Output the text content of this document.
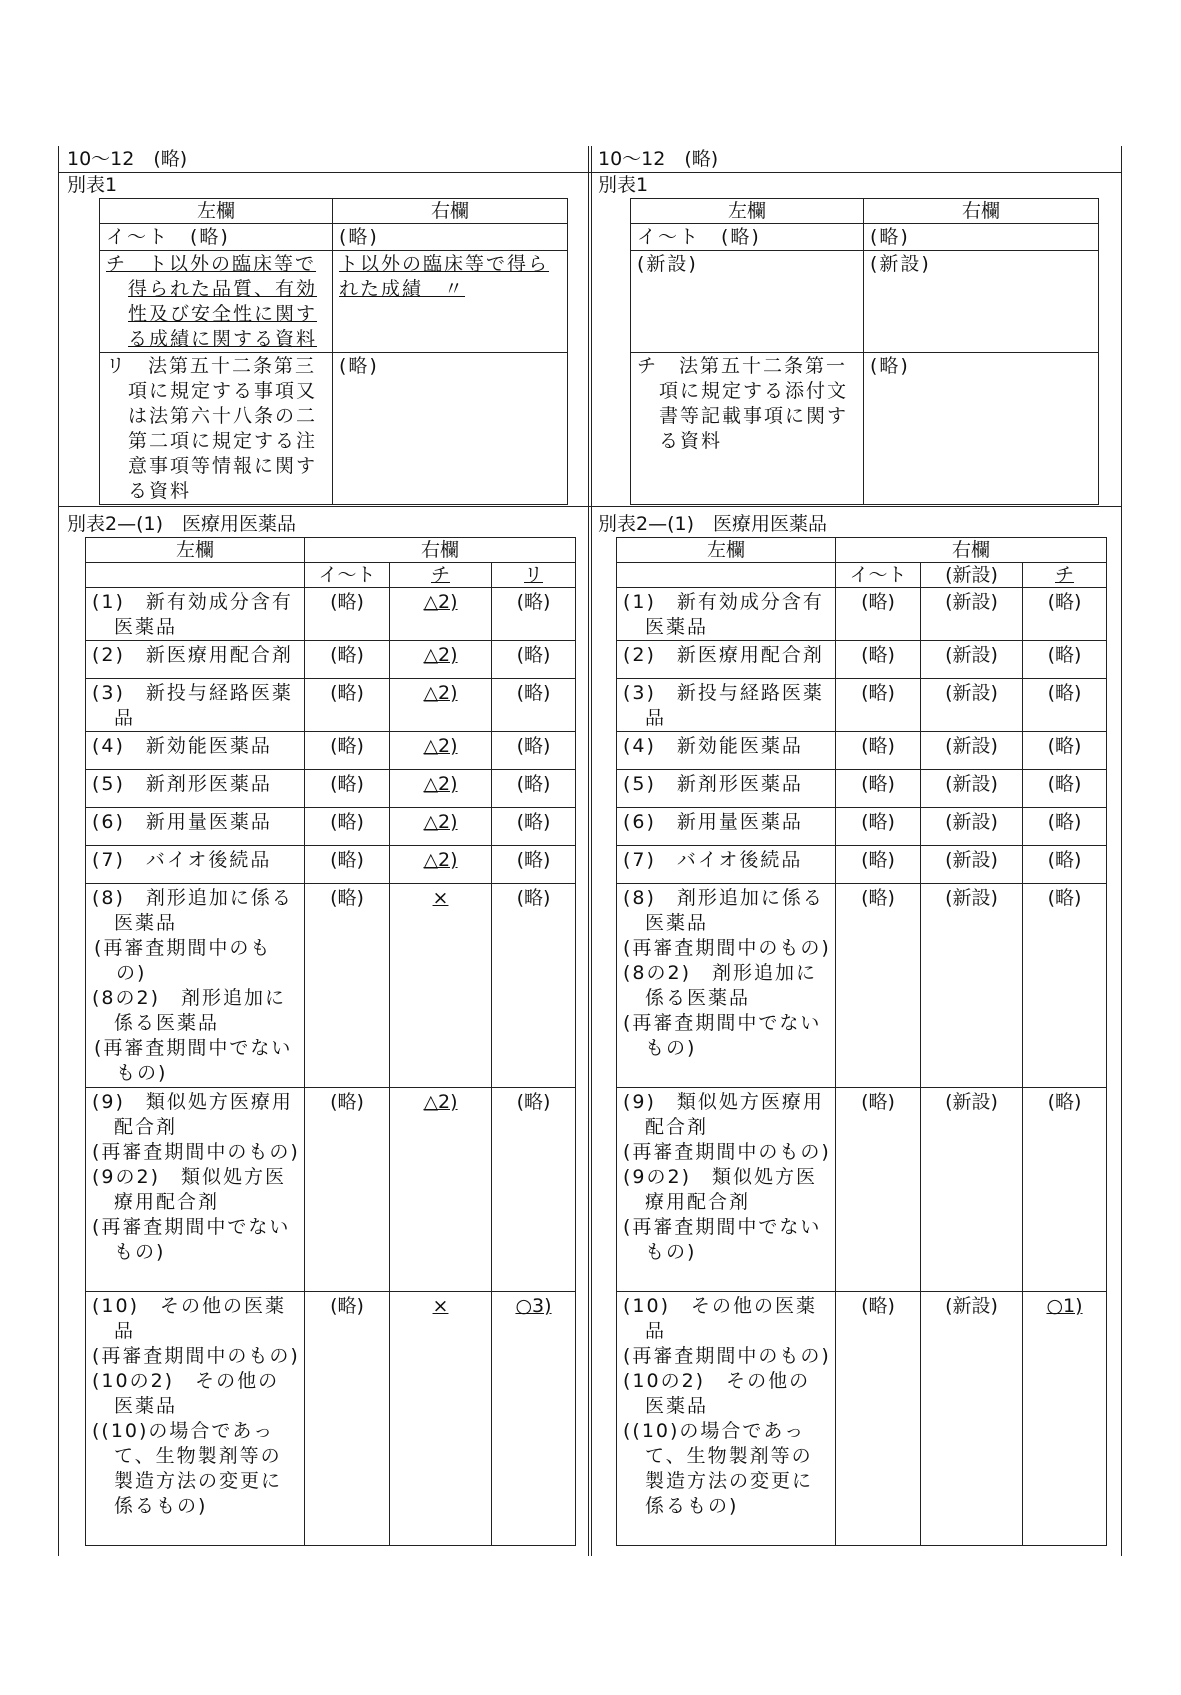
10〜12　(略)
別表1
左欄	右欄
イ〜ト　(略)	(略)
チ　ト以外の臨床等で得られた品質、有効性及び安全性に関する成績に関する資料	ト以外の臨床等で得られた成績　〃
リ　法第五十二条第三項に規定する事項又は法第六十八条の二第二項に規定する注意事項等情報に関する資料	(略)
別表2—(1)　医療用医薬品
左欄	右欄		
	イ〜ト	チ	リ
(1)　新有効成分含有医薬品	(略)	△2)	(略)
(2)　新医療用配合剤	(略)	△2)	(略)
(3)　新投与経路医薬品	(略)	△2)	(略)
(4)　新効能医薬品	(略)	△2)	(略)
(5)　新剤形医薬品	(略)	△2)	(略)
(6)　新用量医薬品	(略)	△2)	(略)
(7)　バイオ後続品	(略)	△2)	(略)

(8)　剤形追加に係る医薬品
(再審査期間中のもの)
(8の2)　剤形追加に係る医薬品
(再審査期間中でないもの)	(略)	×	(略)

(9)　類似処方医療用配合剤
(再審査期間中のもの)
(9の2)　類似処方医療用配合剤
(再審査期間中でないもの)	(略)	△2)	(略)

(10)　その他の医薬品
(再審査期間中のもの)
(10の2)　その他の医薬品
((10)の場合であって、生物製剤等の製造方法の変更に係るもの)	(略)	×	○3)
10〜12　(略)
別表1
左欄	右欄
イ〜ト　(略)	(略)
(新設)	(新設)
チ　法第五十二条第一項に規定する添付文書等記載事項に関する資料	(略)
別表2—(1)　医療用医薬品
左欄	右欄		
	イ〜ト	(新設)	チ
(1)　新有効成分含有医薬品	(略)	(新設)	(略)
(2)　新医療用配合剤	(略)	(新設)	(略)
(3)　新投与経路医薬品	(略)	(新設)	(略)
(4)　新効能医薬品	(略)	(新設)	(略)
(5)　新剤形医薬品	(略)	(新設)	(略)
(6)　新用量医薬品	(略)	(新設)	(略)
(7)　バイオ後続品	(略)	(新設)	(略)

(8)　剤形追加に係る医薬品
(再審査期間中のもの)
(8の2)　剤形追加に係る医薬品
(再審査期間中でないもの)	(略)	(新設)	(略)

(9)　類似処方医療用配合剤
(再審査期間中のもの)
(9の2)　類似処方医療用配合剤
(再審査期間中でないもの)	(略)	(新設)	(略)

(10)　その他の医薬品
(再審査期間中のもの)
(10の2)　その他の医薬品
((10)の場合であって、生物製剤等の製造方法の変更に係るもの)	(略)	(新設)	○1)
